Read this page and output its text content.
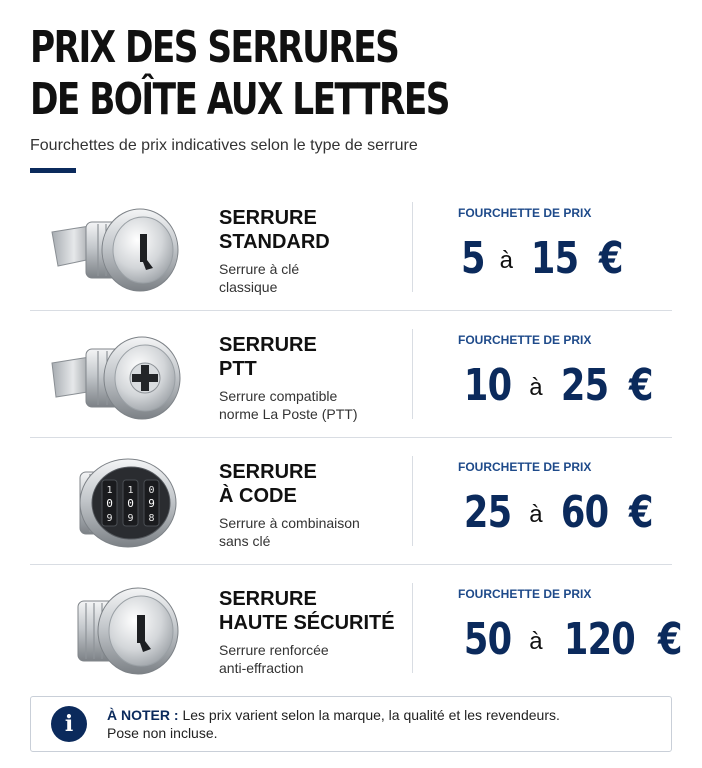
PRIX DES SERRURES
DE BOÎTE AUX LETTRES
Fourchettes de prix indicatives selon le type de serrure
SERRURE
STANDARD
Serrure à clé
classique
FOURCHETTE DE PRIX
5 à 15 €
SERRURE
PTT
Serrure compatible
norme La Poste (PTT)
FOURCHETTE DE PRIX
10 à 25 €
1
0
9
1
0
9
0
9
8
SERRURE
À CODE
Serrure à combinaison
sans clé
FOURCHETTE DE PRIX
25 à 60 €
SERRURE
HAUTE SÉCURITÉ
Serrure renforcée
anti-effraction
FOURCHETTE DE PRIX
50 à 120 €
i	À NOTER : Les prix varient selon la marque, la qualité et les revendeurs.
Pose non incluse.
